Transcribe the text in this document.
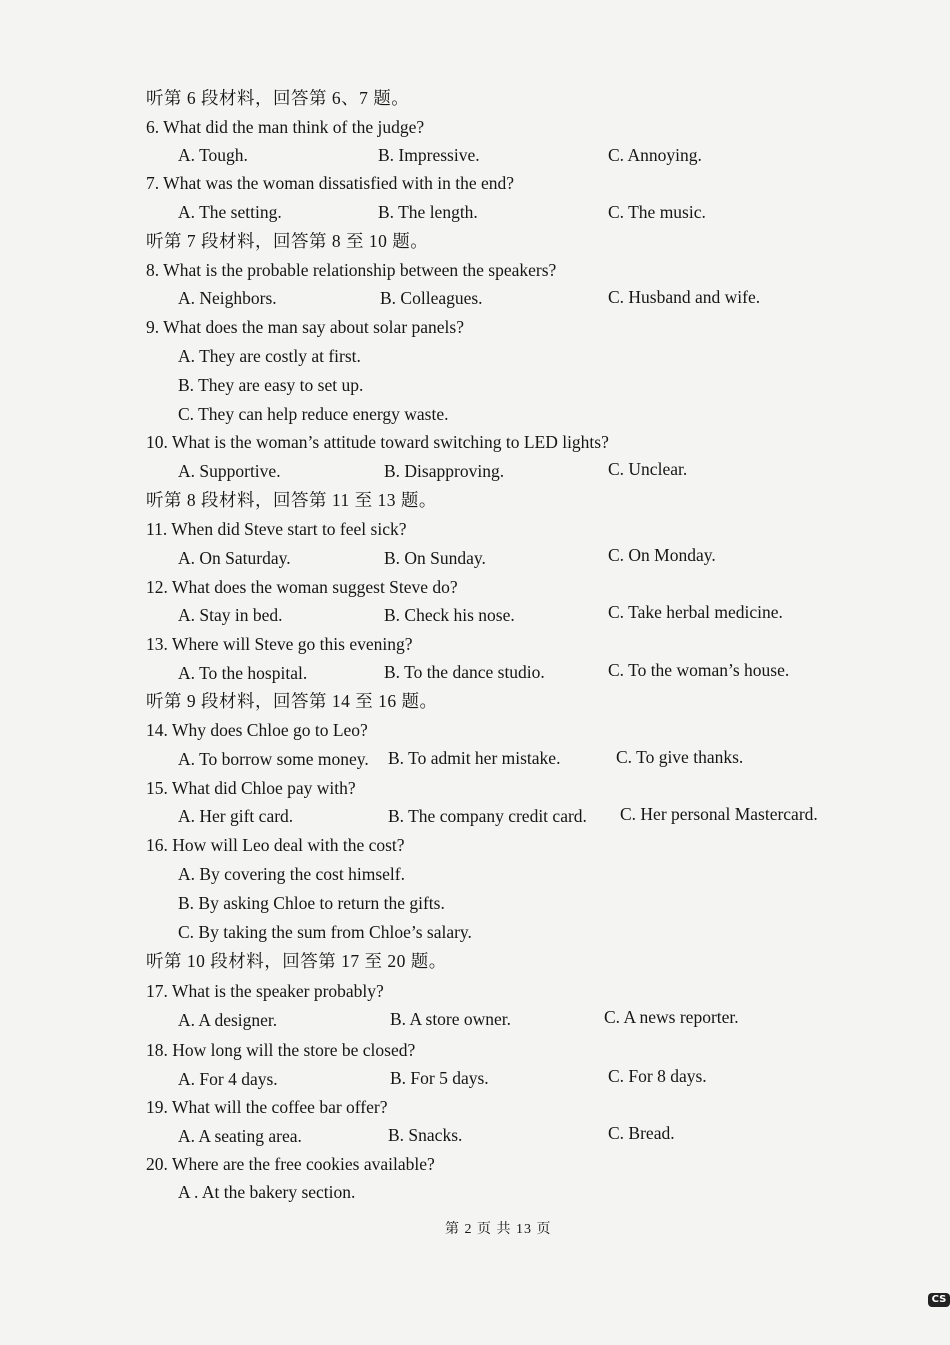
听第 6 段材料，回答第 6、7 题。
6. What did the man think of the judge?
A. Tough.	B. Impressive.	C. Annoying.
7. What was the woman dissatisfied with in the end?
A. The setting.	B. The length.	C. The music.
听第 7 段材料，回答第 8 至 10 题。
8. What is the probable relationship between the speakers?
A. Neighbors.	B. Colleagues.	C. Husband and wife.
9. What does the man say about solar panels?
A. They are costly at first.
B. They are easy to set up.
C. They can help reduce energy waste.
10. What is the woman’s attitude toward switching to LED lights?
A. Supportive.	B. Disapproving.	C. Unclear.
听第 8 段材料，回答第 11 至 13 题。
11. When did Steve start to feel sick?
A. On Saturday.	B. On Sunday.	C. On Monday.
12. What does the woman suggest Steve do?
A. Stay in bed.	B. Check his nose.	C. Take herbal medicine.
13. Where will Steve go this evening?
A. To the hospital.	B. To the dance studio.	C. To the woman’s house.
听第 9 段材料，回答第 14 至 16 题。
14. Why does Chloe go to Leo?
A. To borrow some money. B. To admit her mistake.	C. To give thanks.
15. What did Chloe pay with?
A. Her gift card.	B. The company credit card. C. Her personal Mastercard.
16. How will Leo deal with the cost?
A. By covering the cost himself.
B. By asking Chloe to return the gifts.
C. By taking the sum from Chloe’s salary.
听第 10 段材料，回答第 17 至 20 题。
17. What is the speaker probably?
A. A designer.	B. A store owner.	C. A news reporter.
18. How long will the store be closed?
A. For 4 days.	B. For 5 days.	C. For 8 days.
19. What will the coffee bar offer?
A. A seating area.	B. Snacks.	C. Bread.
20. Where are the free cookies available?
A . At the bakery section.
第 2 页 共 13 页
CS
